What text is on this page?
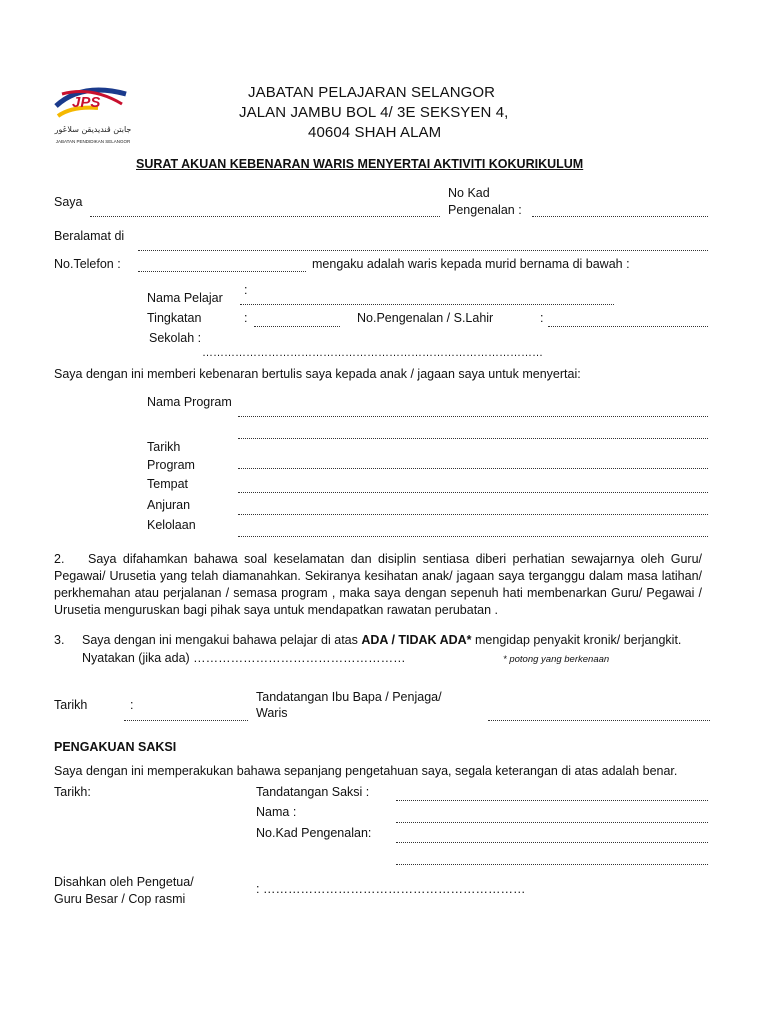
JPS
جابتن ڤنديديقن سلاڠور
JABATAN PENDIDIKAN SELANGOR
JABATAN PELAJARAN SELANGOR
JALAN JAMBU BOL 4/ 3E SEKSYEN 4,
40604 SHAH ALAM
SURAT AKUAN KEBENARAN WARIS MENYERTAI AKTIVITI KOKURIKULUM
Saya
No Kad
Pengenalan :
Beralamat di
No.Telefon :	mengaku adalah waris kepada murid bernama di bawah :
Nama Pelajar
:
Tingkatan	:	No.Pengenalan / S.Lahir	:
Sekolah :
…………………………………………………………………………………
Saya dengan ini memberi kebenaran bertulis saya kepada anak / jagaan saya untuk menyertai:
Nama Program
Tarikh
Program
Tempat
Anjuran
Kelolaan
2. Saya difahamkan bahawa soal keselamatan dan disiplin sentiasa diberi perhatian sewajarnya oleh Guru/ Pegawai/ Urusetia yang telah diamanahkan. Sekiranya kesihatan anak/ jagaan saya terganggu dalam masa latihan/ perkhemahan atau perjalanan / semasa program , maka saya dengan sepenuh hati membenarkan Guru/ Pegawai / Urusetia menguruskan bagi pihak saya untuk mendapatkan rawatan perubatan .
3. Saya dengan ini mengakui bahawa pelajar di atas ADA / TIDAK ADA* mengidap penyakit kronik/ berjangkit.
Nyatakan (jika ada) ……………………………………………	* potong yang berkenaan
Tarikh	:
Tandatangan Ibu Bapa / Penjaga/
Waris
PENGAKUAN SAKSI
Saya dengan ini memperakukan bahawa sepanjang pengetahuan saya, segala keterangan di atas adalah benar.
Tarikh:	Tandatangan Saksi :
Nama :
No.Kad Pengenalan:
Disahkan oleh Pengetua/
Guru Besar / Cop rasmi
: ………………………………………………………
